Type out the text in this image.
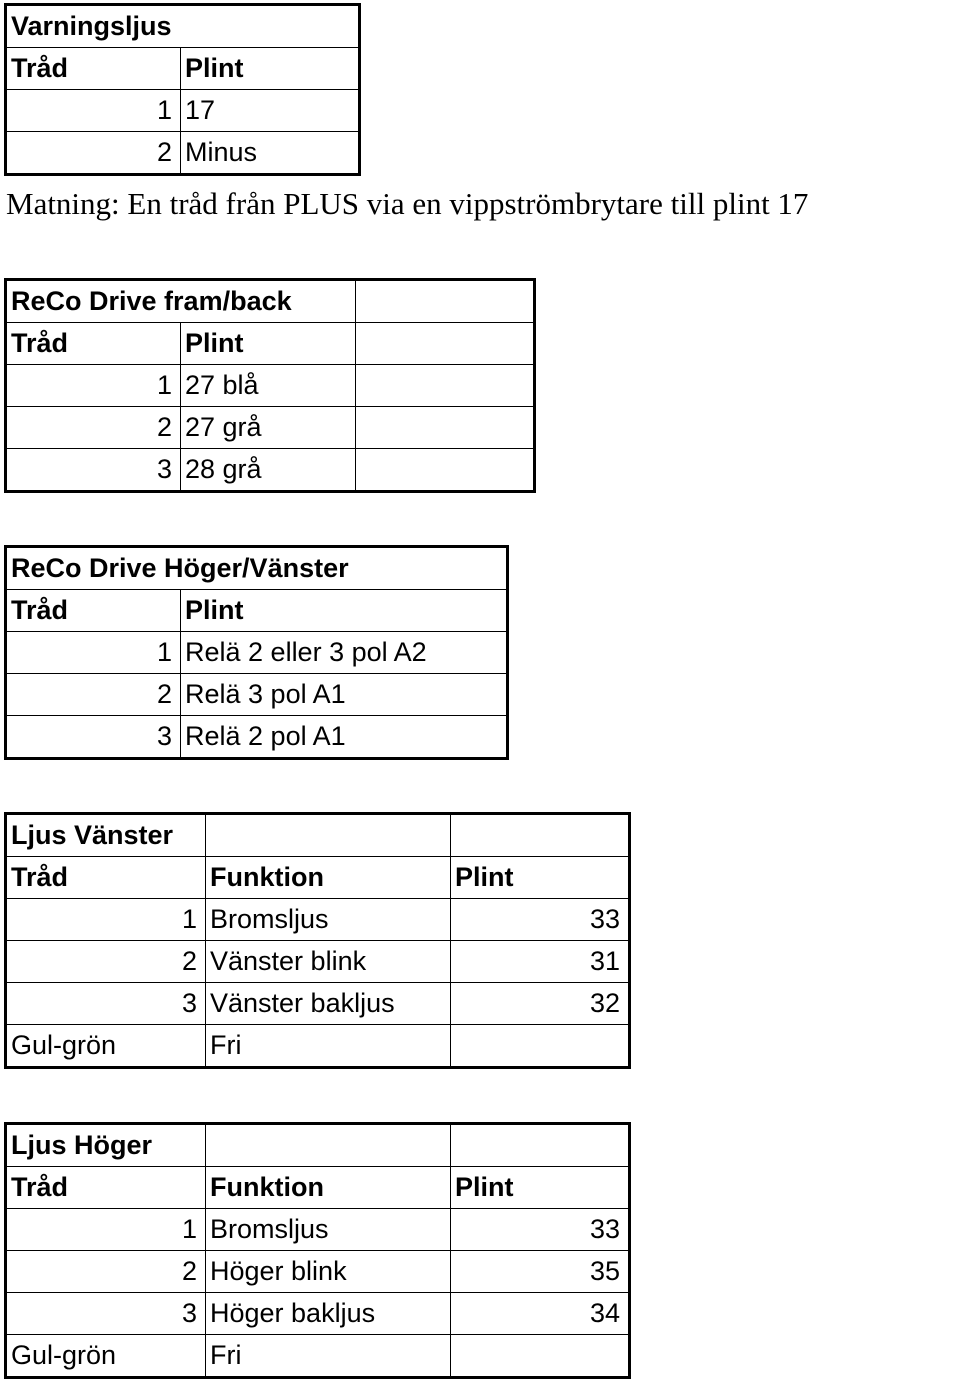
Varningsljus	
Tråd	Plint
1	17
2	Minus
Matning: En tråd från PLUS via en vippströmbrytare till plint 17
ReCo Drive fram/back		
Tråd	Plint	
1	27 blå	
2	27 grå	
3	28 grå	
ReCo Drive Höger/Vänster	
Tråd	Plint
1	Relä 2 eller 3 pol A2
2	Relä 3 pol A1
3	Relä 2 pol A1
Ljus Vänster		
Tråd	Funktion	Plint
1	Bromsljus	33
2	Vänster blink	31
3	Vänster bakljus	32
Gul-grön	Fri	
Ljus Höger		
Tråd	Funktion	Plint
1	Bromsljus	33
2	Höger blink	35
3	Höger bakljus	34
Gul-grön	Fri	
